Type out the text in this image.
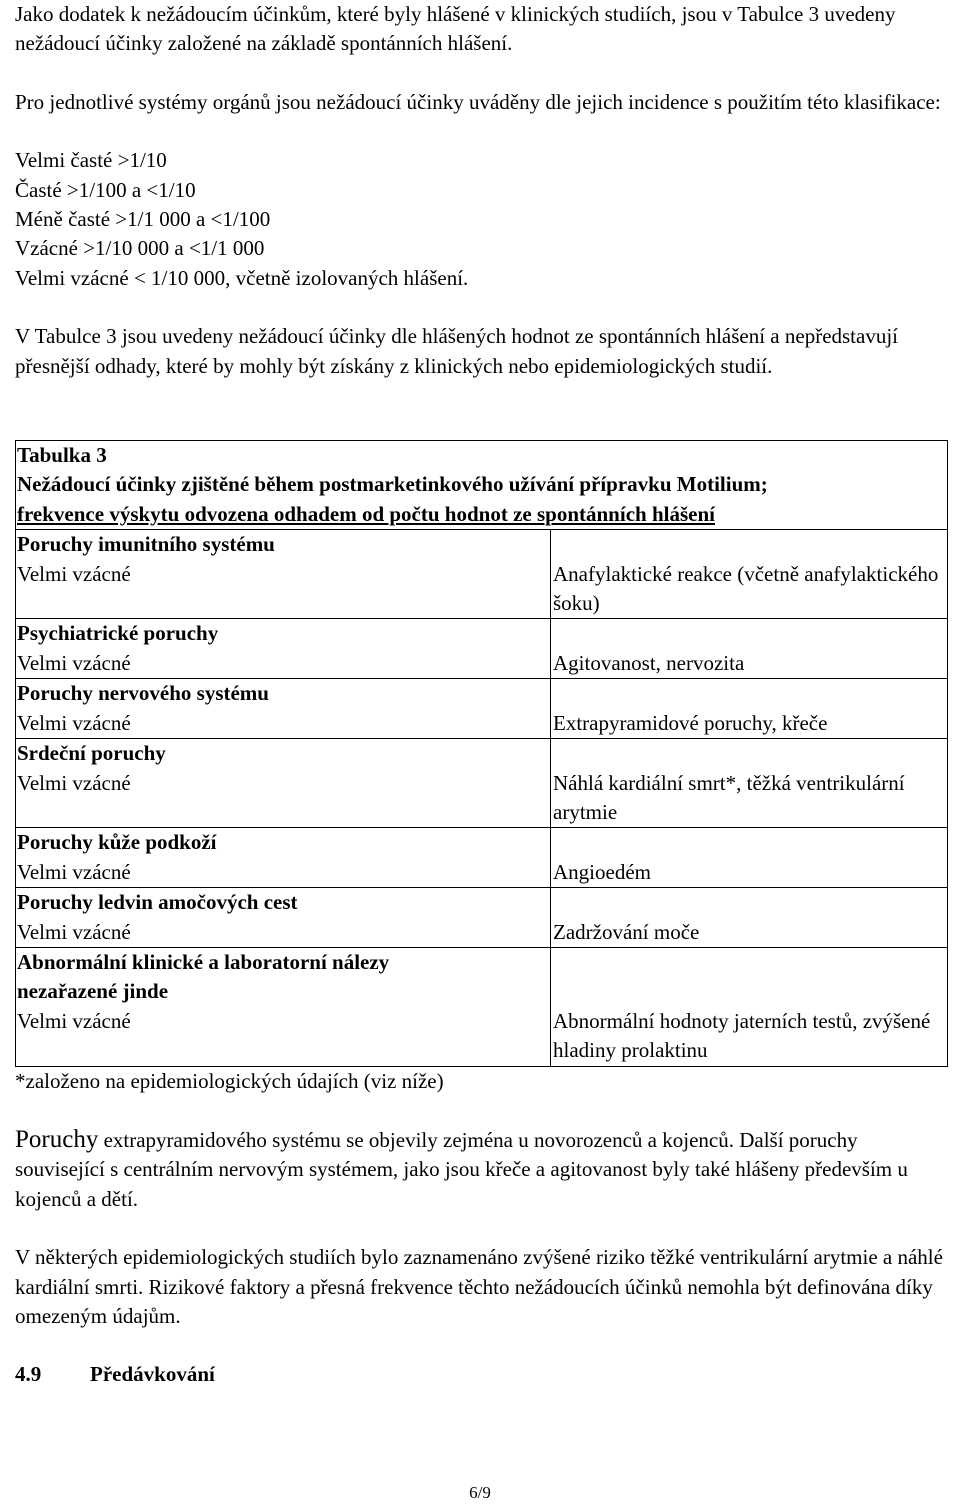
Jako dodatek k nežádoucím účinkům, které byly hlášené v klinických studiích, jsou v Tabulce 3 uvedeny nežádoucí účinky založené na základě spontánních hlášení.

Pro jednotlivé systémy orgánů jsou nežádoucí účinky uváděny dle jejich incidence s použitím této klasifikace:

Velmi časté >1/10
Časté >1/100 a <1/10
Méně časté >1/1 000 a <1/100
Vzácné >1/10 000 a <1/1 000
Velmi vzácné < 1/10 000, včetně izolovaných hlášení.

V Tabulce 3 jsou uvedeny nežádoucí účinky dle hlášených hodnot ze spontánních hlášení a nepředstavují přesnější odhady, které by mohly být získány z klinických nebo epidemiologických studií.

Tabulka 3
Nežádoucí účinky zjištěné během postmarketinkového užívání přípravku Motilium;
frekvence výskytu odvozena odhadem od počtu hodnot ze spontánních hlášení	

Poruchy imunitního systému
Velmi vzácné	Anafylaktické reakce (včetně anafylaktického šoku)

Psychiatrické poruchy
Velmi vzácné	Agitovanost, nervozita

Poruchy nervového systému
Velmi vzácné	Extrapyramidové poruchy, křeče

Srdeční poruchy
Velmi vzácné	Náhlá kardiální smrt*, těžká ventrikulární arytmie

Poruchy kůže podkoží
Velmi vzácné	Angioedém

Poruchy ledvin amočových cest
Velmi vzácné	Zadržování moče

Abnormální klinické a laboratorní nálezy nezařazené jinde
Velmi vzácné	Abnormální hodnoty jaterních testů, zvýšené hladiny prolaktinu

*založeno na epidemiologických údajích (viz níže)

Poruchy extrapyramidového systému se objevily zejména u novorozenců a kojenců. Další poruchy související s centrálním nervovým systémem, jako jsou křeče a agitovanost byly také hlášeny především u kojenců a dětí.

V některých epidemiologických studiích bylo zaznamenáno zvýšené riziko těžké ventrikulární arytmie a náhlé kardiální smrti. Rizikové faktory a přesná frekvence těchto nežádoucích účinků nemohla být definována díky omezeným údajům.

4.9	Předávkování
6/9
